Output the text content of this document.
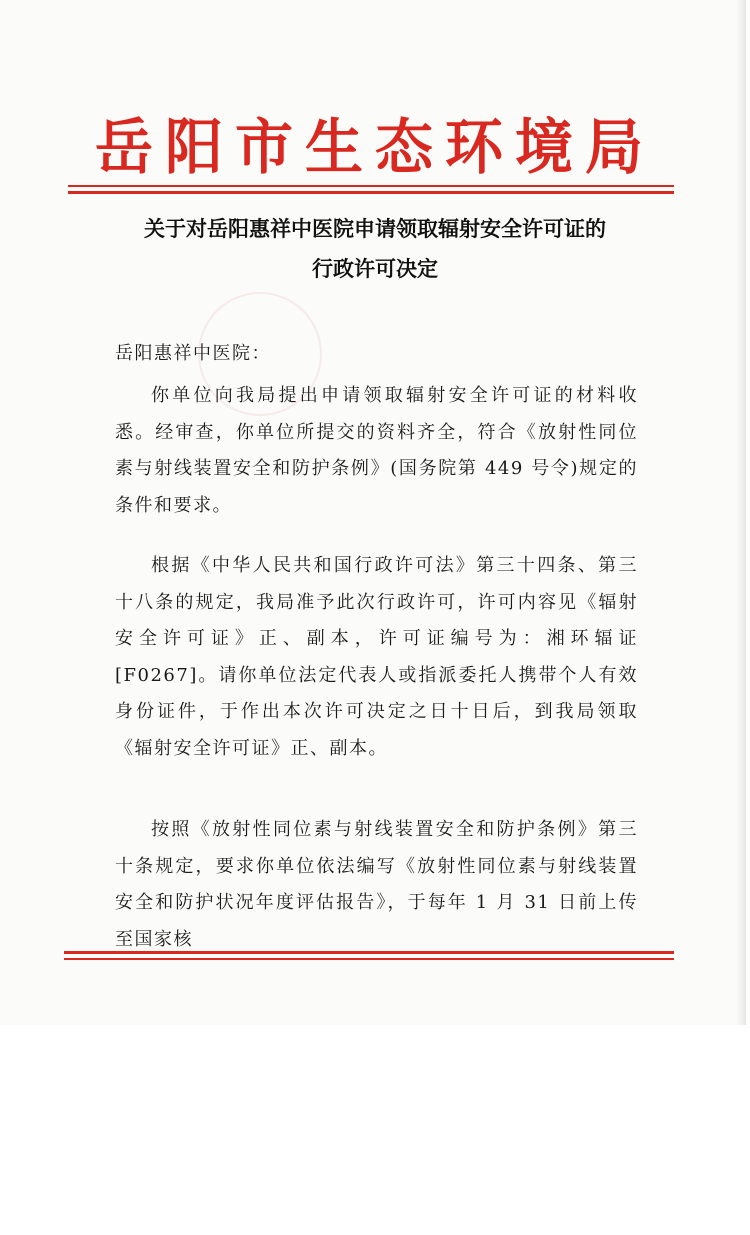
岳阳市生态环境局
关于对岳阳惠祥中医院申请领取辐射安全许可证的
行政许可决定
岳阳惠祥中医院：

你单位向我局提出申请领取辐射安全许可证的材料收悉。经审查，你单位所提交的资料齐全，符合《放射性同位素与射线装置安全和防护条例》(国务院第 449 号令)规定的条件和要求。

根据《中华人民共和国行政许可法》第三十四条、第三十八条的规定，我局准予此次行政许可，许可内容见《辐射安全许可证》正、副本，许可证编号为：湘环辐证[F0267]。请你单位法定代表人或指派委托人携带个人有效身份证件，于作出本次许可决定之日十日后，到我局领取《辐射安全许可证》正、副本。

按照《放射性同位素与射线装置安全和防护条例》第三十条规定，要求你单位依法编写《放射性同位素与射线装置安全和防护状况年度评估报告》，于每年 1 月 31 日前上传至国家核
